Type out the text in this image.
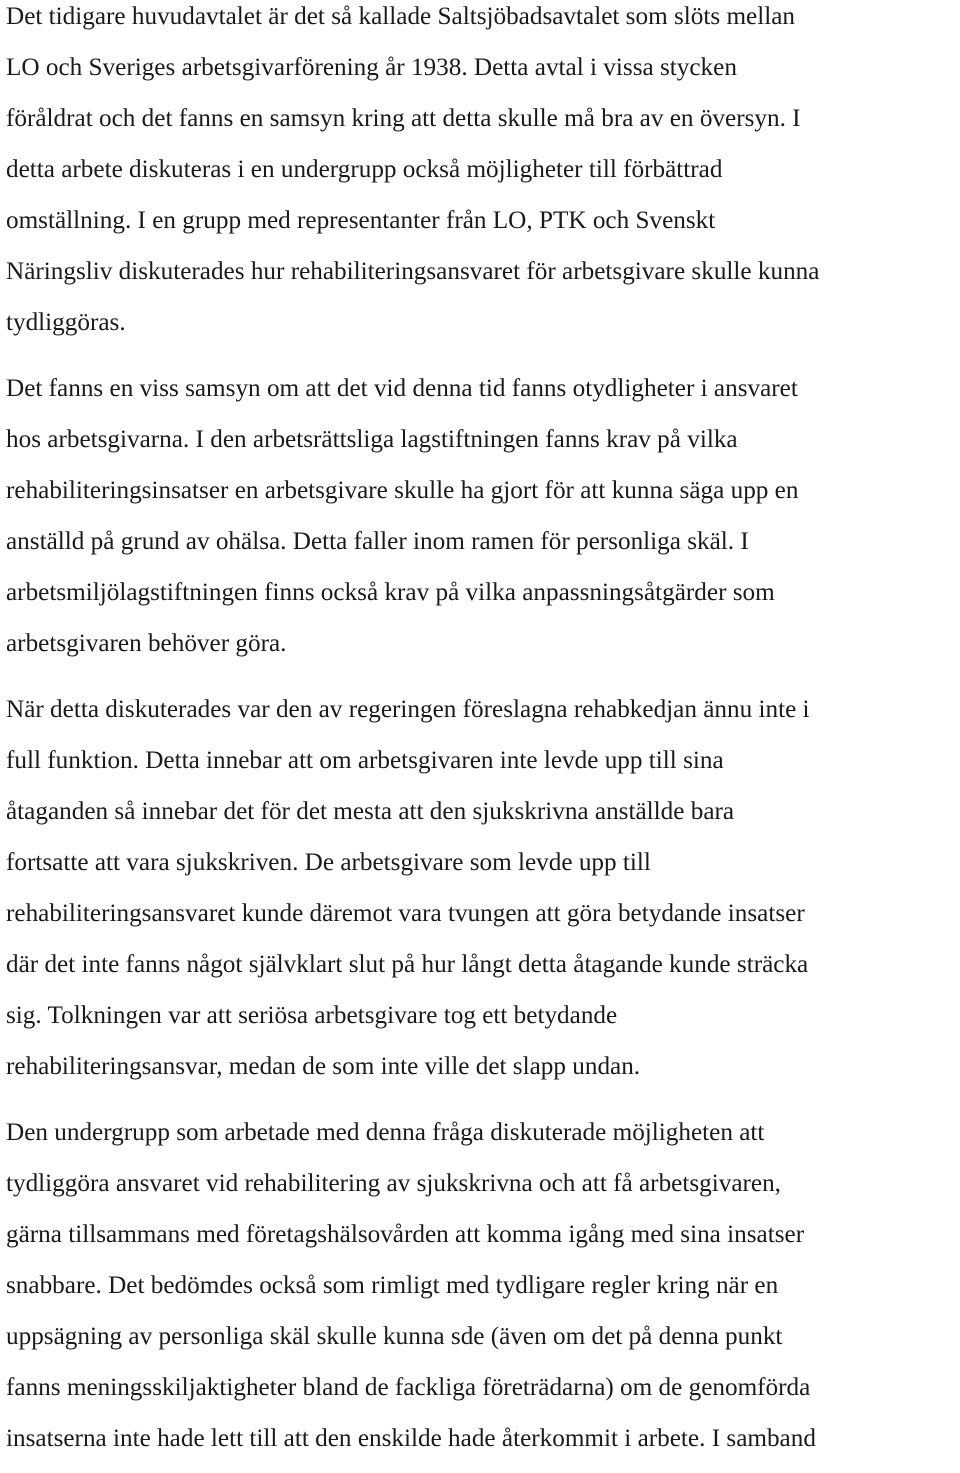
Det tidigare huvudavtalet är det så kallade Saltsjöbadsavtalet som slöts mellan
LO och Sveriges arbetsgivarförening år 1938. Detta avtal i vissa stycken
föråldrat och det fanns en samsyn kring att detta skulle må bra av en översyn. I
detta arbete diskuteras i en undergrupp också möjligheter till förbättrad
omställning. I en grupp med representanter från LO, PTK och Svenskt
Näringsliv diskuterades hur rehabiliteringsansvaret för arbetsgivare skulle kunna
tydliggöras.

Det fanns en viss samsyn om att det vid denna tid fanns otydligheter i ansvaret
hos arbetsgivarna. I den arbetsrättsliga lagstiftningen fanns krav på vilka
rehabiliteringsinsatser en arbetsgivare skulle ha gjort för att kunna säga upp en
anställd på grund av ohälsa. Detta faller inom ramen för personliga skäl. I
arbetsmiljölagstiftningen finns också krav på vilka anpassningsåtgärder som
arbetsgivaren behöver göra.

När detta diskuterades var den av regeringen föreslagna rehabkedjan ännu inte i
full funktion. Detta innebar att om arbetsgivaren inte levde upp till sina
åtaganden så innebar det för det mesta att den sjukskrivna anställde bara
fortsatte att vara sjukskriven. De arbetsgivare som levde upp till
rehabiliteringsansvaret kunde däremot vara tvungen att göra betydande insatser
där det inte fanns något självklart slut på hur långt detta åtagande kunde sträcka
sig. Tolkningen var att seriösa arbetsgivare tog ett betydande
rehabiliteringsansvar, medan de som inte ville det slapp undan.

Den undergrupp som arbetade med denna fråga diskuterade möjligheten att
tydliggöra ansvaret vid rehabilitering av sjukskrivna och att få arbetsgivaren,
gärna tillsammans med företagshälsovården att komma igång med sina insatser
snabbare. Det bedömdes också som rimligt med tydligare regler kring när en
uppsägning av personliga skäl skulle kunna sde (även om det på denna punkt
fanns meningsskiljaktigheter bland de fackliga företrädarna) om de genomförda
insatserna inte hade lett till att den enskilde hade återkommit i arbete. I samband
